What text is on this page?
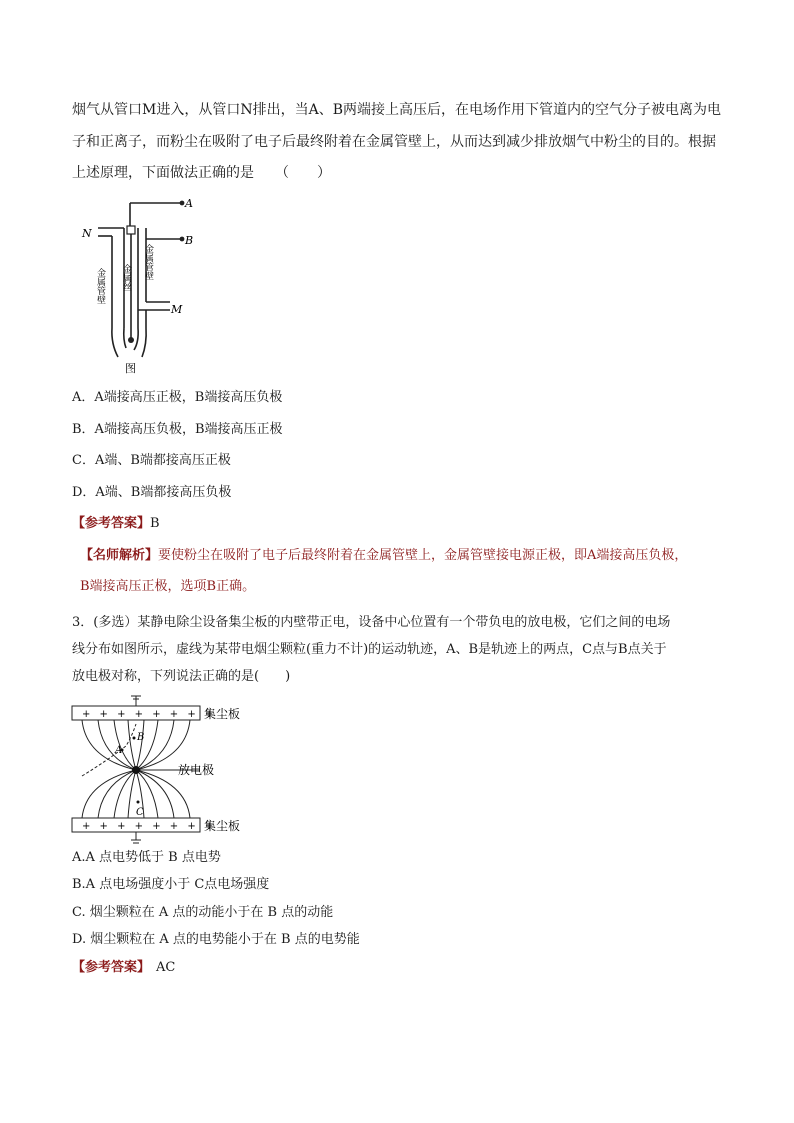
烟气从管口M进入，从管口N排出，当A、B两端接上高压后，在电场作用下管道内的空气分子被电离为电
子和正离子，而粉尘在吸附了电子后最终附着在金属管壁上，从而达到减少排放烟气中粉尘的目的。根据
上述原理，下面做法正确的是　　（　　）
A
B
N
M
金属管壁 金属丝 金属管壁
图
A．A端接高压正极，B端接高压负极
B．A端接高压负极，B端接高压正极
C．A端、B端都接高压正极
D．A端、B端都接高压负极
【参考答案】B
【名师解析】要使粉尘在吸附了电子后最终附着在金属管壁上，金属管壁接电源正极，即A端接高压负极，
B端接高压正极，选项B正确。
3．(多选）某静电除尘设备集尘板的内壁带正电，设备中心位置有一个带负电的放电极，它们之间的电场
线分布如图所示，虚线为某带电烟尘颗粒(重力不计)的运动轨迹，A、B是轨迹上的两点，C点与B点关于
放电极对称，下列说法正确的是(　　)
+ + + + + + + +
+ + + + + + + +
A
B
C
集尘板
放电极
集尘板
A.A 点电势低于 B 点电势
B.A 点电场强度小于 C点电场强度
C. 烟尘颗粒在 A 点的动能小于在 B 点的动能
D. 烟尘颗粒在 A 点的电势能小于在 B 点的电势能
【参考答案】 AC
